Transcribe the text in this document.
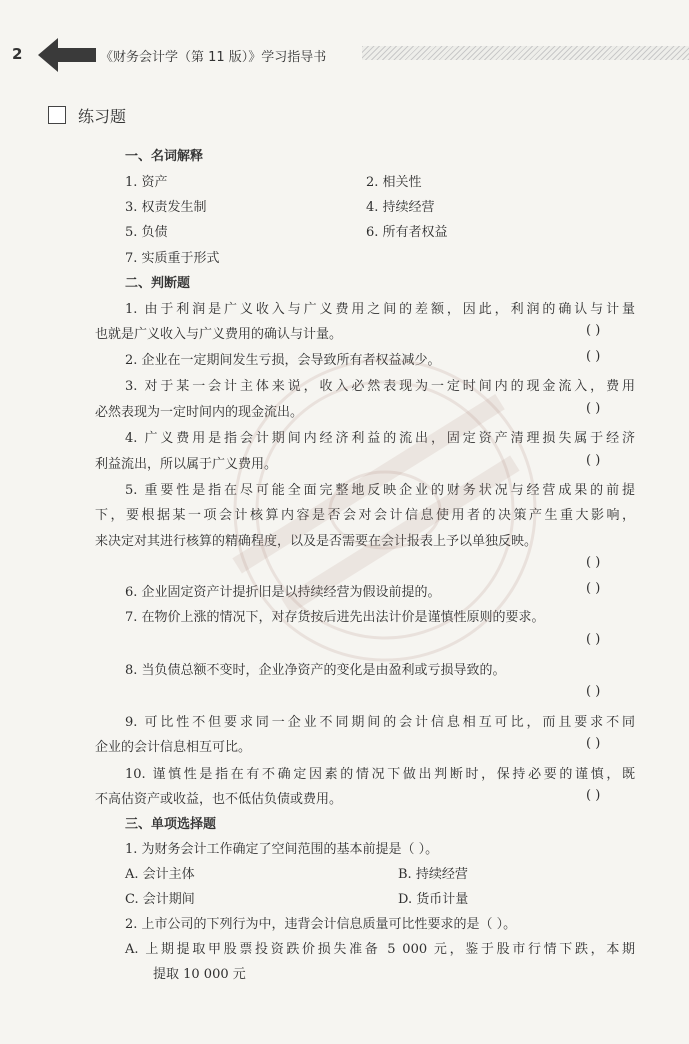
2	《财务会计学（第 11 版）》学习指导书
练习题
一、名词解释
1. 资产	2. 相关性
3. 权责发生制	4. 持续经营
5. 负债	6. 所有者权益
7. 实质重于形式
二、判断题
1. 由于利润是广义收入与广义费用之间的差额，因此，利润的确认与计量
也就是广义收入与广义费用的确认与计量。	( )
2. 企业在一定期间发生亏损，会导致所有者权益减少。	( )
3. 对于某一会计主体来说，收入必然表现为一定时间内的现金流入，费用
必然表现为一定时间内的现金流出。	( )
4. 广义费用是指会计期间内经济利益的流出，固定资产清理损失属于经济
利益流出，所以属于广义费用。	( )
5. 重要性是指在尽可能全面完整地反映企业的财务状况与经营成果的前提
下，要根据某一项会计核算内容是否会对会计信息使用者的决策产生重大影响，
来决定对其进行核算的精确程度，以及是否需要在会计报表上予以单独反映。
( )
6. 企业固定资产计提折旧是以持续经营为假设前提的。	( )
7. 在物价上涨的情况下，对存货按后进先出法计价是谨慎性原则的要求。
( )
8. 当负债总额不变时，企业净资产的变化是由盈利或亏损导致的。
( )
9. 可比性不但要求同一企业不同期间的会计信息相互可比，而且要求不同
企业的会计信息相互可比。	( )
10. 谨慎性是指在有不确定因素的情况下做出判断时，保持必要的谨慎，既
不高估资产或收益，也不低估负债或费用。	( )
三、单项选择题
1. 为财务会计工作确定了空间范围的基本前提是（ ）。
A. 会计主体	B. 持续经营
C. 会计期间	D. 货币计量
2. 上市公司的下列行为中，违背会计信息质量可比性要求的是（ ）。
A. 上期提取甲股票投资跌价损失准备 5 000 元，鉴于股市行情下跌，本期
提取 10 000 元
